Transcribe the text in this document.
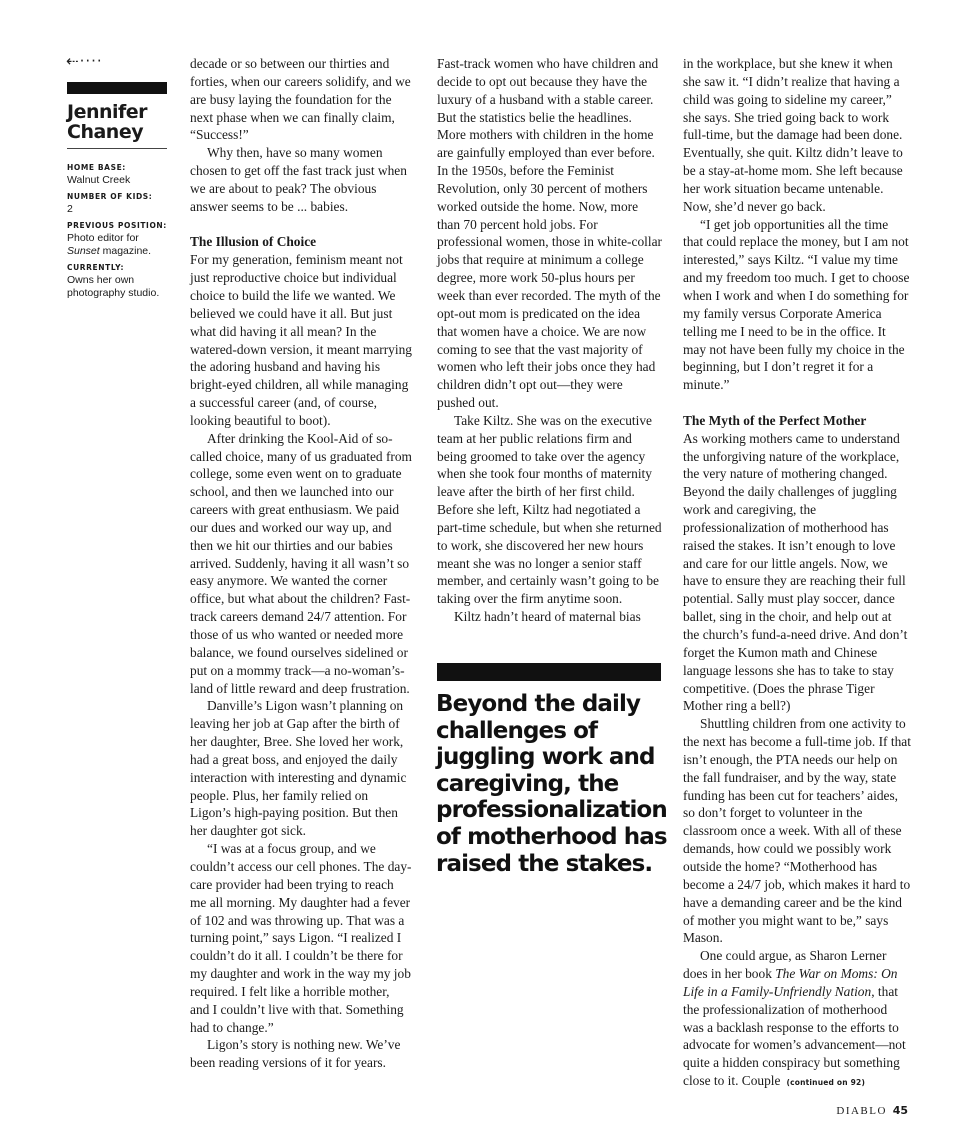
⇠····
Jennifer Chaney
HOME BASE:
Walnut Creek
NUMBER OF KIDS:
2
PREVIOUS POSITION:
Photo editor for Sunset magazine.
CURRENTLY:
Owns her own photography studio.

decade or so between our thirties and forties, when our careers solidify, and we are busy laying the foundation for the next phase when we can finally claim, “Success!”

Why then, have so many women chosen to get off the fast track just when we are about to peak? The obvious answer seems to be ... babies.

The Illusion of Choice

For my generation, feminism meant not just reproductive choice but individual choice to build the life we wanted. We believed we could have it all. But just what did having it all mean? In the watered-down version, it meant marrying the adoring husband and having his bright-eyed children, all while managing a successful career (and, of course, looking beautiful to boot).

After drinking the Kool-Aid of so-called choice, many of us graduated from college, some even went on to graduate school, and then we launched into our careers with great enthusiasm. We paid our dues and worked our way up, and then we hit our thirties and our babies arrived. Suddenly, having it all wasn’t so easy anymore. We wanted the corner office, but what about the children? Fast-track careers demand 24/7 attention. For those of us who wanted or needed more balance, we found ourselves sidelined or put on a mommy track—a no-woman’s-land of little reward and deep frustration.

Danville’s Ligon wasn’t planning on leaving her job at Gap after the birth of her daughter, Bree. She loved her work, had a great boss, and enjoyed the daily interaction with interesting and dynamic people. Plus, her family relied on Ligon’s high-paying position. But then her daughter got sick.

“I was at a focus group, and we couldn’t access our cell phones. The day-care provider had been trying to reach me all morning. My daughter had a fever of 102 and was throwing up. That was a turning point,” says Ligon. “I realized I couldn’t do it all. I couldn’t be there for my daughter and work in the way my job required. I felt like a horrible mother, and I couldn’t live with that. Something had to change.”

Ligon’s story is nothing new. We’ve been reading versions of it for years.

Fast-track women who have children and decide to opt out because they have the luxury of a husband with a stable career. But the statistics belie the headlines. More mothers with children in the home are gainfully employed than ever before. In the 1950s, before the Feminist Revolution, only 30 percent of mothers worked outside the home. Now, more than 70 percent hold jobs. For professional women, those in white-collar jobs that require at minimum a college degree, more work 50-plus hours per week than ever recorded. The myth of the opt-out mom is predicated on the idea that women have a choice. We are now coming to see that the vast majority of women who left their jobs once they had children didn’t opt out—they were pushed out.

Take Kiltz. She was on the executive team at her public relations firm and being groomed to take over the agency when she took four months of maternity leave after the birth of her first child. Before she left, Kiltz had negotiated a part-time schedule, but when she returned to work, she discovered her new hours meant she was no longer a senior staff member, and certainly wasn’t going to be taking over the firm anytime soon.

Kiltz hadn’t heard of maternal bias

Beyond the daily challenges of juggling work and caregiving, the professionalization of motherhood has raised the stakes.

in the workplace, but she knew it when she saw it. “I didn’t realize that having a child was going to sideline my career,” she says. She tried going back to work full-time, but the damage had been done. Eventually, she quit. Kiltz didn’t leave to be a stay-at-home mom. She left because her work situation became untenable. Now, she’d never go back.

“I get job opportunities all the time that could replace the money, but I am not interested,” says Kiltz. “I value my time and my freedom too much. I get to choose when I work and when I do something for my family versus Corporate America telling me I need to be in the office. It may not have been fully my choice in the beginning, but I don’t regret it for a minute.”

The Myth of the Perfect Mother

As working mothers came to understand the unforgiving nature of the workplace, the very nature of mothering changed. Beyond the daily challenges of juggling work and caregiving, the professionalization of motherhood has raised the stakes. It isn’t enough to love and care for our little angels. Now, we have to ensure they are reaching their full potential. Sally must play soccer, dance ballet, sing in the choir, and help out at the church’s fund-a-need drive. And don’t forget the Kumon math and Chinese language lessons she has to take to stay competitive. (Does the phrase Tiger Mother ring a bell?)

Shuttling children from one activity to the next has become a full-time job. If that isn’t enough, the PTA needs our help on the fall fundraiser, and by the way, state funding has been cut for teachers’ aides, so don’t forget to volunteer in the classroom once a week. With all of these demands, how could we possibly work outside the home? “Motherhood has become a 24/7 job, which makes it hard to have a demanding career and be the kind of mother you might want to be,” says Mason.

One could argue, as Sharon Lerner does in her book The War on Moms: On Life in a Family-Unfriendly Nation, that the professionalization of motherhood was a backlash response to the efforts to advocate for women’s advancement—not quite a hidden conspiracy but something close to it. Couple (continued on 92)

DIABLO 45
